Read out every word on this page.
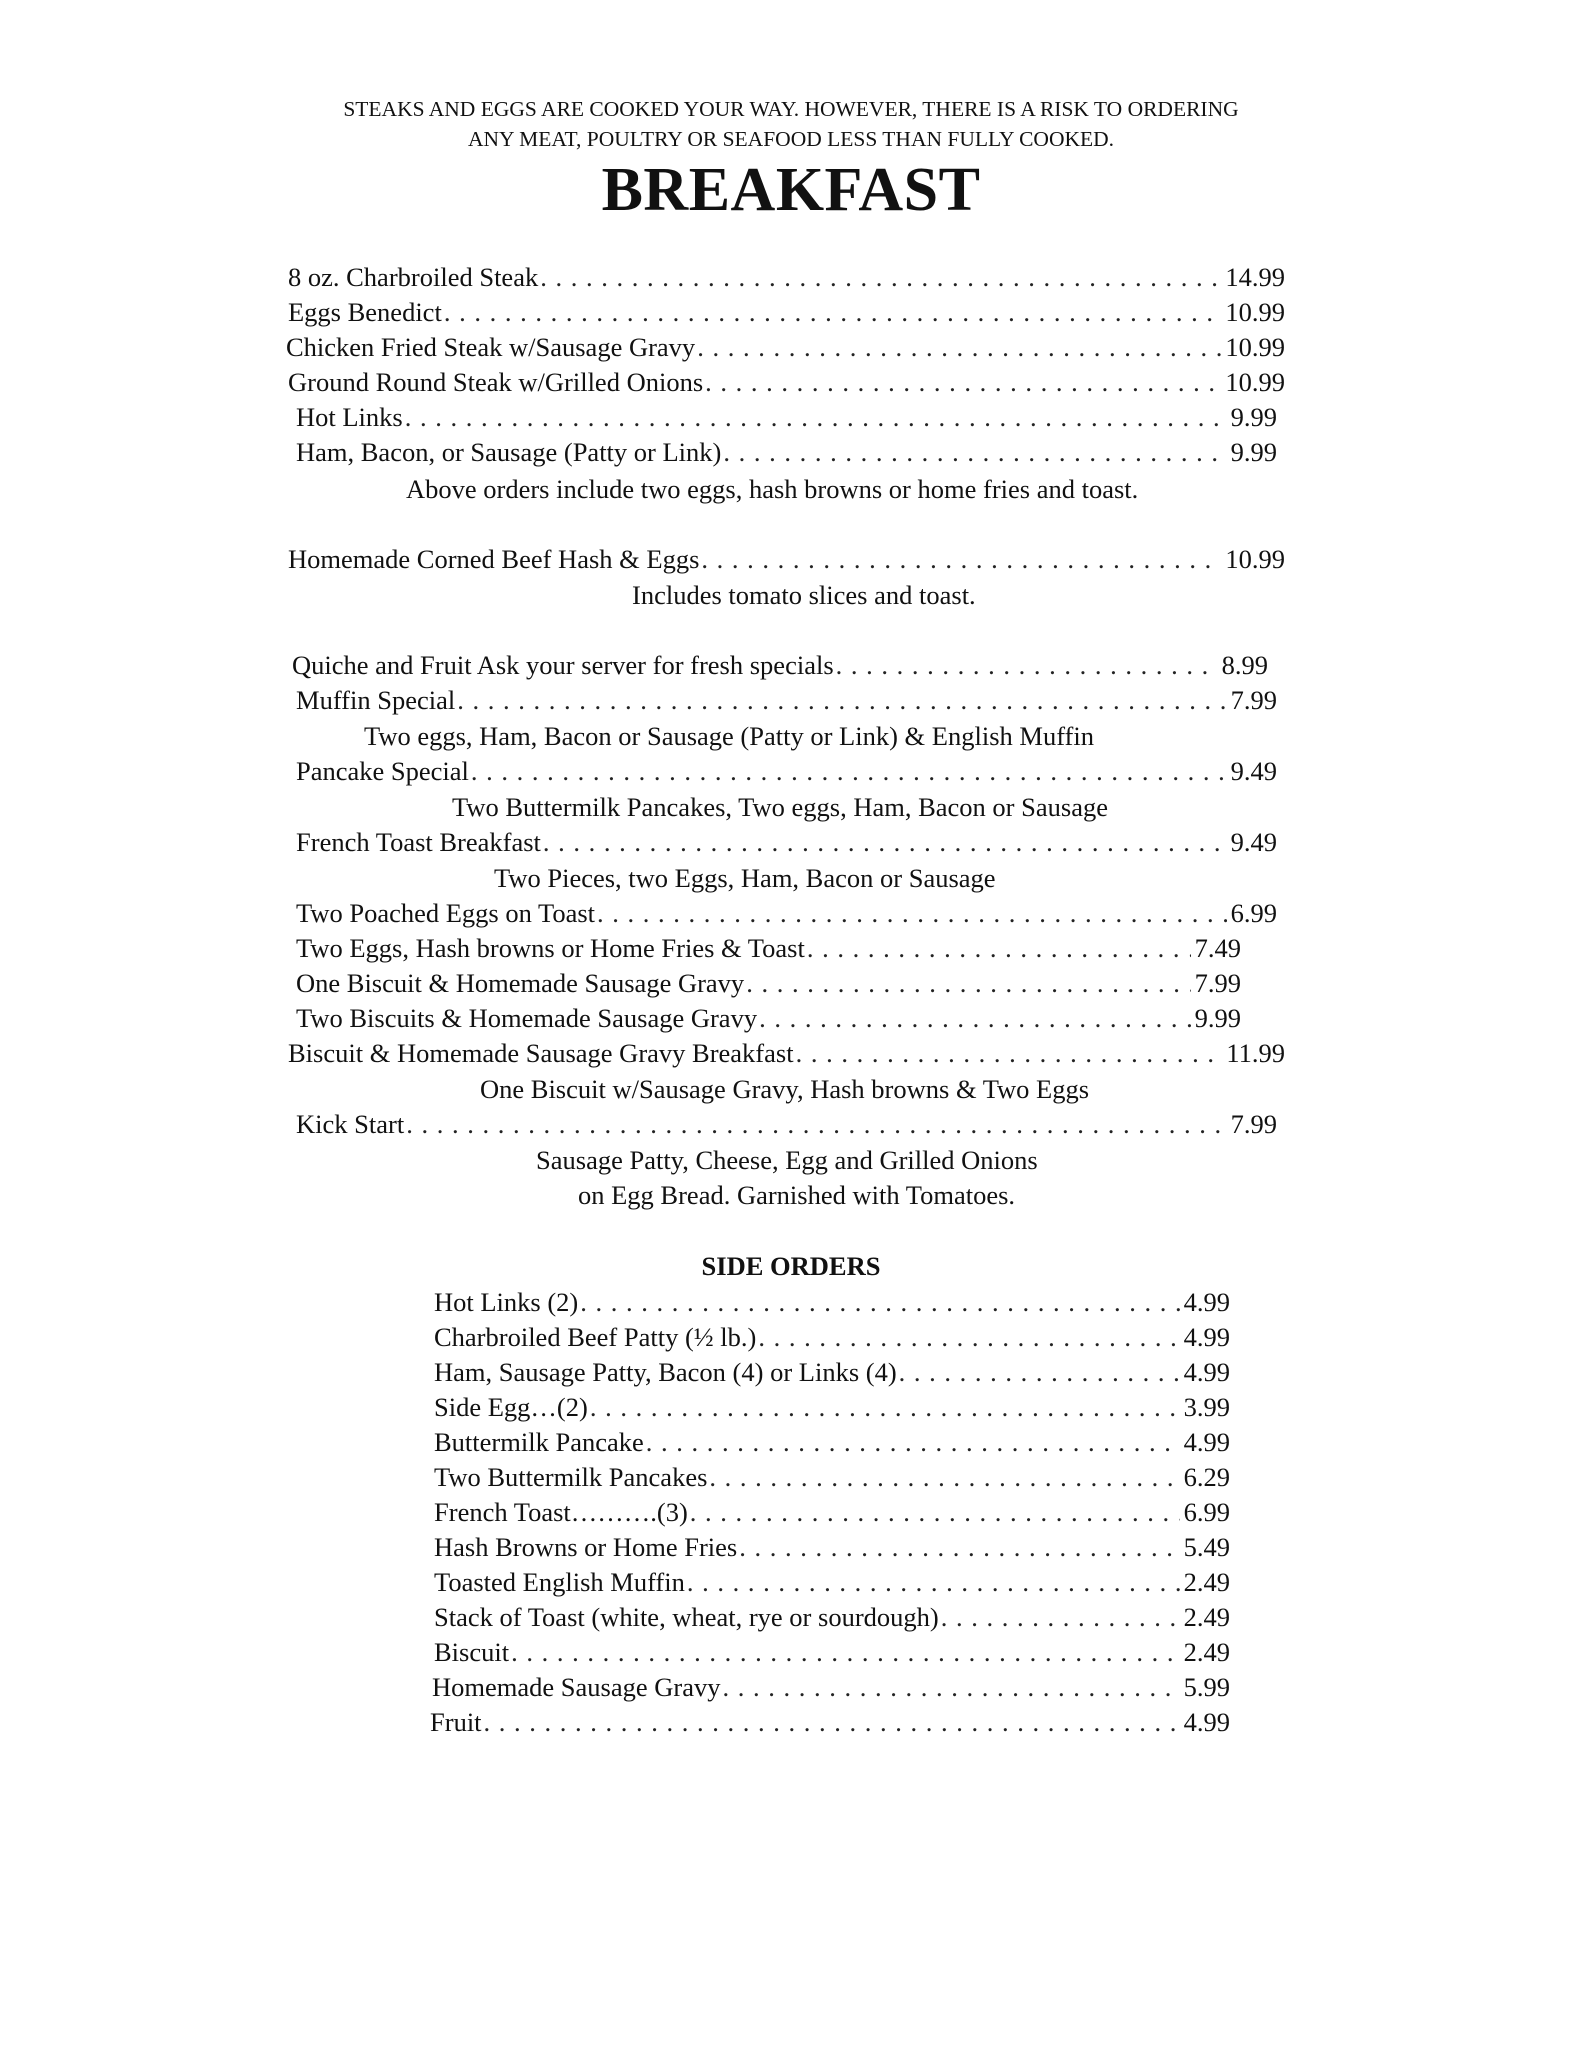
STEAKS AND EGGS ARE COOKED YOUR WAY. HOWEVER, THERE IS A RISK TO ORDERING
ANY MEAT, POULTRY OR SEAFOOD LESS THAN FULLY COOKED.
BREAKFAST
8 oz. Charbroiled Steak . . .	14.99
Eggs Benedict . . .	10.99
Chicken Fried Steak w/Sausage Gravy . . .	10.99
Ground Round Steak w/Grilled Onions . . .	10.99
Hot Links . . .	9.99
Ham, Bacon, or Sausage (Patty or Link) . . .	9.99
Above orders include two eggs, hash browns or home fries and toast.
Homemade Corned Beef Hash & Eggs . . .	10.99
Includes tomato slices and toast.
Quiche and Fruit Ask your server for fresh specials . . .	8.99
Muffin Special . . .	7.99
Two eggs, Ham, Bacon or Sausage (Patty or Link) & English Muffin
Pancake Special . . .	9.49
Two Buttermilk Pancakes, Two eggs, Ham, Bacon or Sausage
French Toast Breakfast . . .	9.49
Two Pieces, two Eggs, Ham, Bacon or Sausage
Two Poached Eggs on Toast . . .	6.99
Two Eggs, Hash browns or Home Fries & Toast . . .	7.49
One Biscuit & Homemade Sausage Gravy . . .	7.99
Two Biscuits & Homemade Sausage Gravy . . .	9.99
Biscuit & Homemade Sausage Gravy Breakfast . . .	11.99
One Biscuit w/Sausage Gravy, Hash browns & Two Eggs
Kick Start . . .	7.99
Sausage Patty, Cheese, Egg and Grilled Onions
on Egg Bread. Garnished with Tomatoes.
SIDE ORDERS
Hot Links (2) . . .	4.99
Charbroiled Beef Patty (½ lb.) . . .	4.99
Ham, Sausage Patty, Bacon (4) or Links (4) . . .	4.99
Side Egg…(2) . . .	3.99
Buttermilk Pancake . . .	4.99
Two Buttermilk Pancakes . . .	6.29
French Toast……….(3) . . .	6.99
Hash Browns or Home Fries . . .	5.49
Toasted English Muffin . . .	2.49
Stack of Toast (white, wheat, rye or sourdough) . . .	2.49
Biscuit . . .	2.49
Homemade Sausage Gravy . . .	5.99
Fruit . . .	4.99
